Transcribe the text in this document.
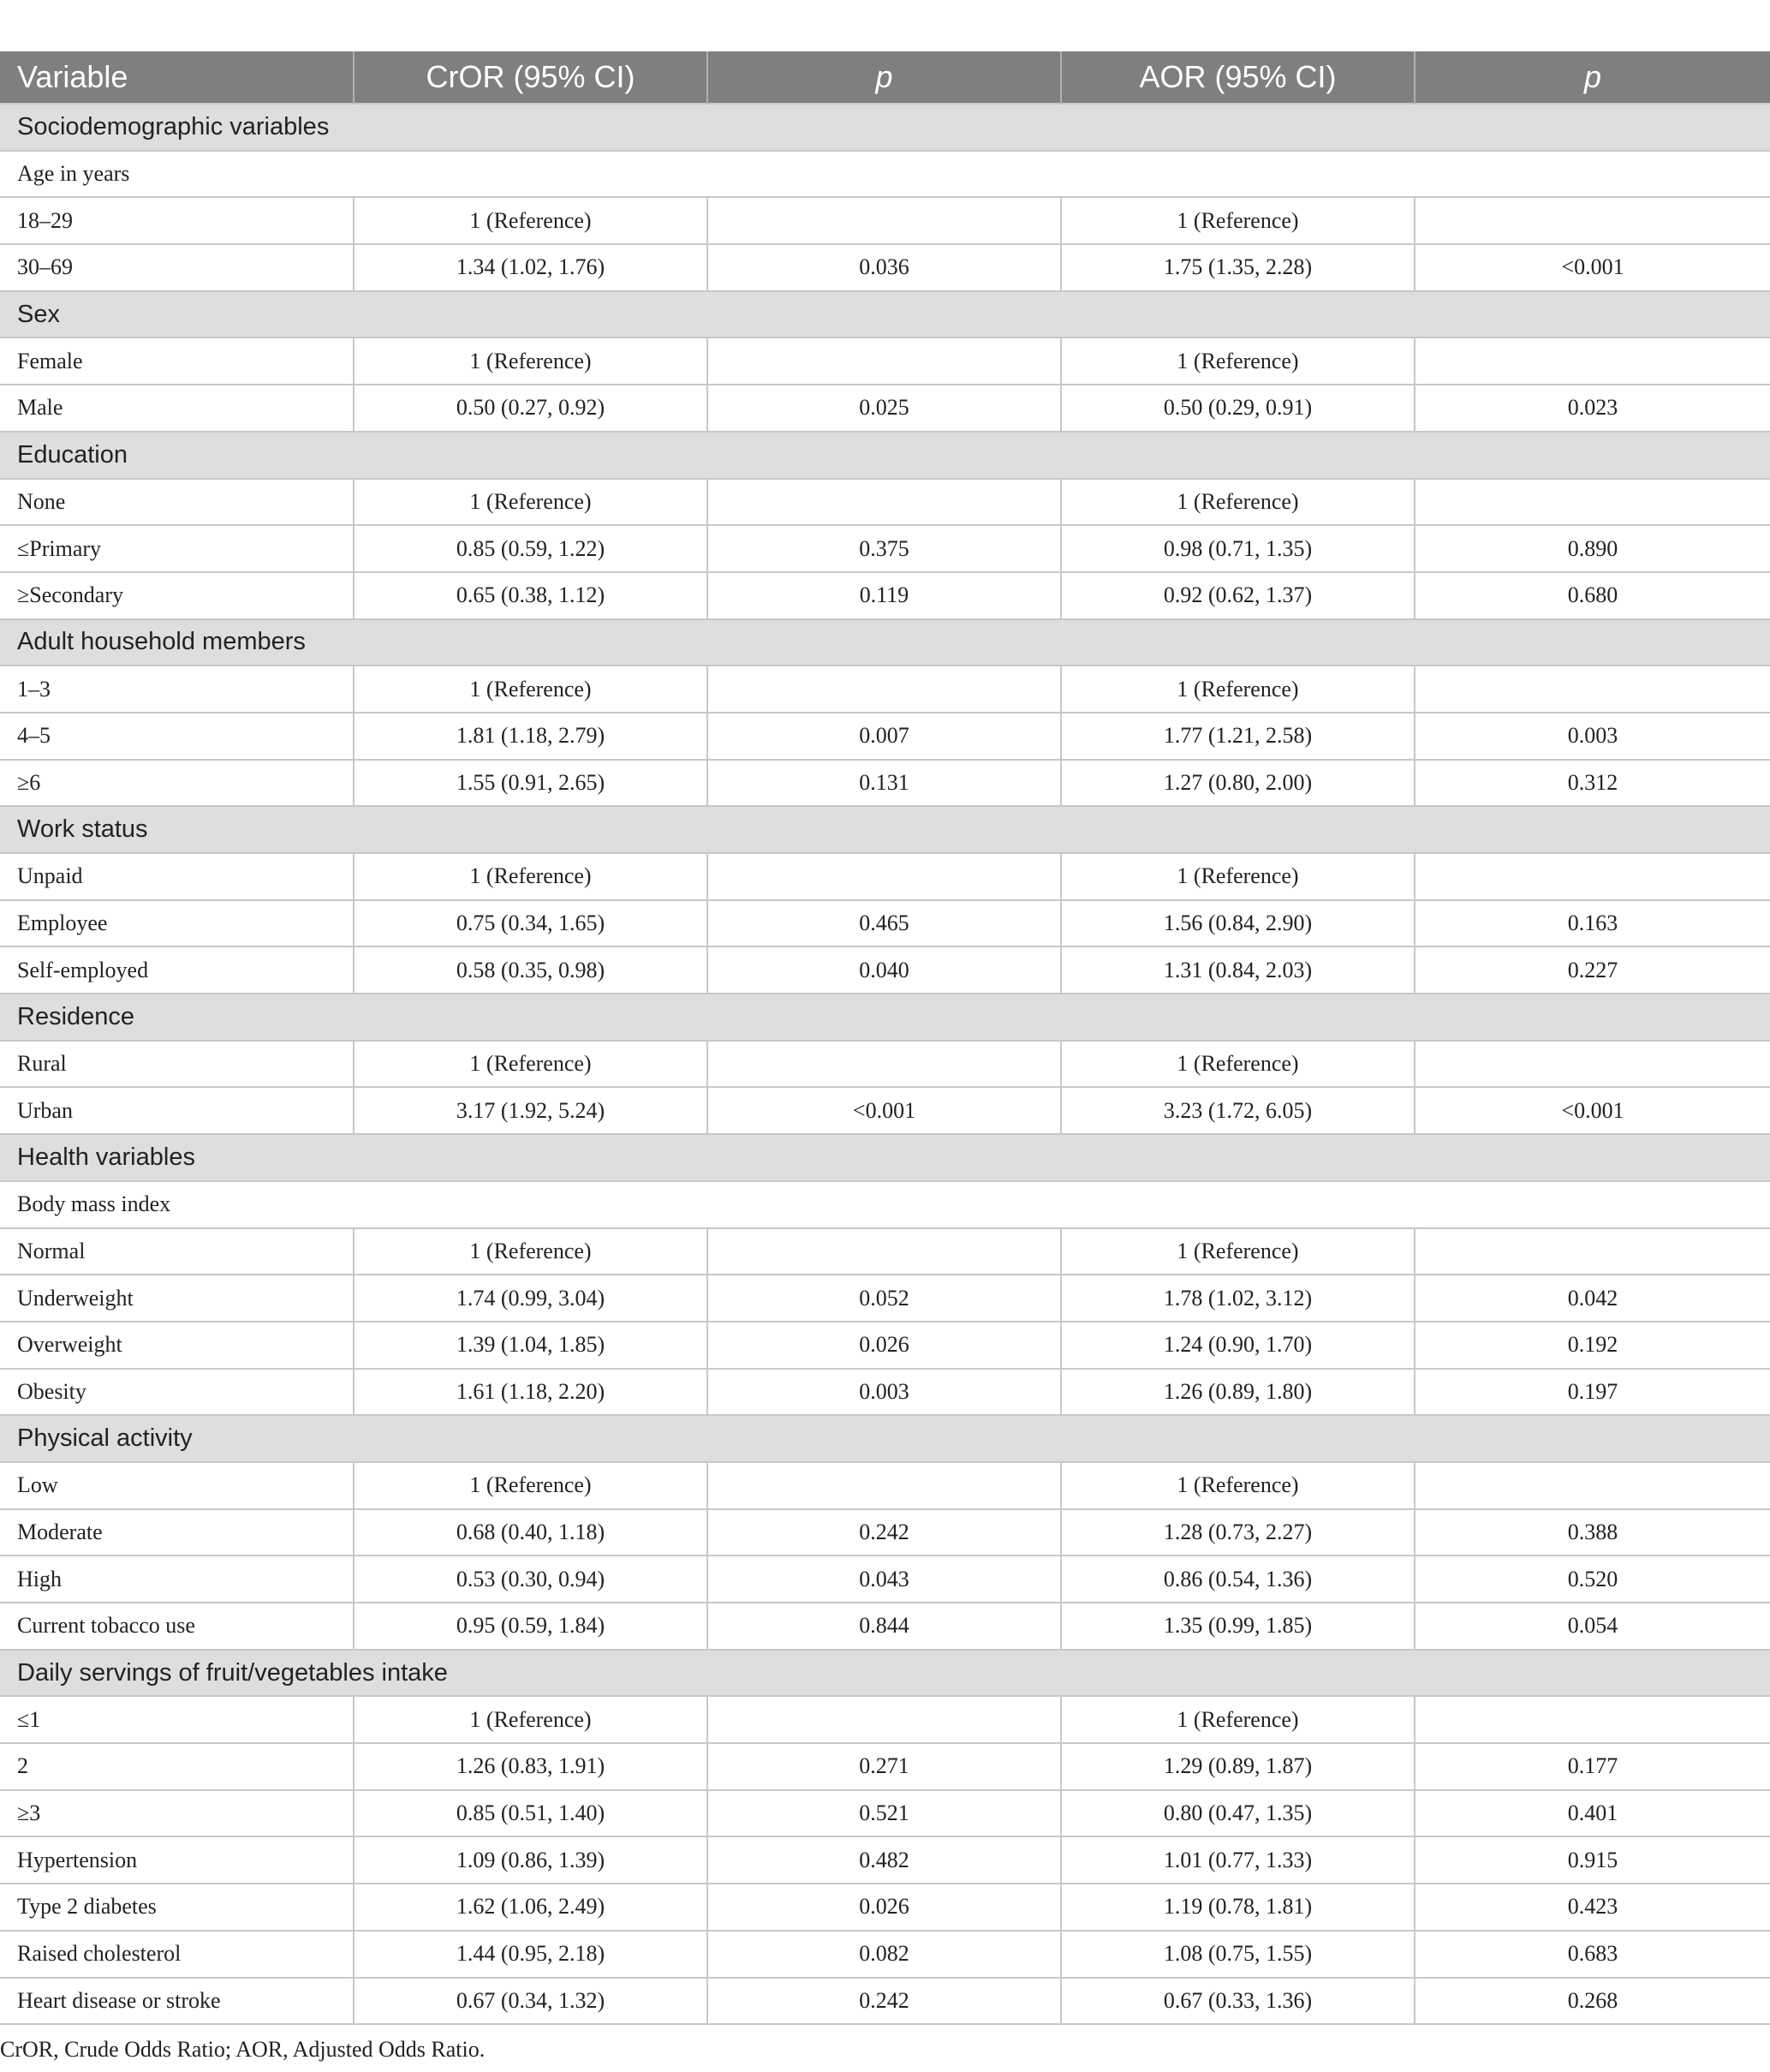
Variable	CrOR (95% CI)	p	AOR (95% CI)	p
Sociodemographic variables				
Age in years				
18–29	1 (Reference)		1 (Reference)	
30–69	1.34 (1.02, 1.76)	0.036	1.75 (1.35, 2.28)	<0.001
Sex				
Female	1 (Reference)		1 (Reference)	
Male	0.50 (0.27, 0.92)	0.025	0.50 (0.29, 0.91)	0.023
Education				
None	1 (Reference)		1 (Reference)	
≤Primary	0.85 (0.59, 1.22)	0.375	0.98 (0.71, 1.35)	0.890
≥Secondary	0.65 (0.38, 1.12)	0.119	0.92 (0.62, 1.37)	0.680
Adult household members				
1–3	1 (Reference)		1 (Reference)	
4–5	1.81 (1.18, 2.79)	0.007	1.77 (1.21, 2.58)	0.003
≥6	1.55 (0.91, 2.65)	0.131	1.27 (0.80, 2.00)	0.312
Work status				
Unpaid	1 (Reference)		1 (Reference)	
Employee	0.75 (0.34, 1.65)	0.465	1.56 (0.84, 2.90)	0.163
Self-employed	0.58 (0.35, 0.98)	0.040	1.31 (0.84, 2.03)	0.227
Residence				
Rural	1 (Reference)		1 (Reference)	
Urban	3.17 (1.92, 5.24)	<0.001	3.23 (1.72, 6.05)	<0.001
Health variables				
Body mass index				
Normal	1 (Reference)		1 (Reference)	
Underweight	1.74 (0.99, 3.04)	0.052	1.78 (1.02, 3.12)	0.042
Overweight	1.39 (1.04, 1.85)	0.026	1.24 (0.90, 1.70)	0.192
Obesity	1.61 (1.18, 2.20)	0.003	1.26 (0.89, 1.80)	0.197
Physical activity				
Low	1 (Reference)		1 (Reference)	
Moderate	0.68 (0.40, 1.18)	0.242	1.28 (0.73, 2.27)	0.388
High	0.53 (0.30, 0.94)	0.043	0.86 (0.54, 1.36)	0.520
Current tobacco use	0.95 (0.59, 1.84)	0.844	1.35 (0.99, 1.85)	0.054
Daily servings of fruit/vegetables intake				
≤1	1 (Reference)		1 (Reference)	
2	1.26 (0.83, 1.91)	0.271	1.29 (0.89, 1.87)	0.177
≥3	0.85 (0.51, 1.40)	0.521	0.80 (0.47, 1.35)	0.401
Hypertension	1.09 (0.86, 1.39)	0.482	1.01 (0.77, 1.33)	0.915
Type 2 diabetes	1.62 (1.06, 2.49)	0.026	1.19 (0.78, 1.81)	0.423
Raised cholesterol	1.44 (0.95, 2.18)	0.082	1.08 (0.75, 1.55)	0.683
Heart disease or stroke	0.67 (0.34, 1.32)	0.242	0.67 (0.33, 1.36)	0.268
CrOR, Crude Odds Ratio; AOR, Adjusted Odds Ratio.
